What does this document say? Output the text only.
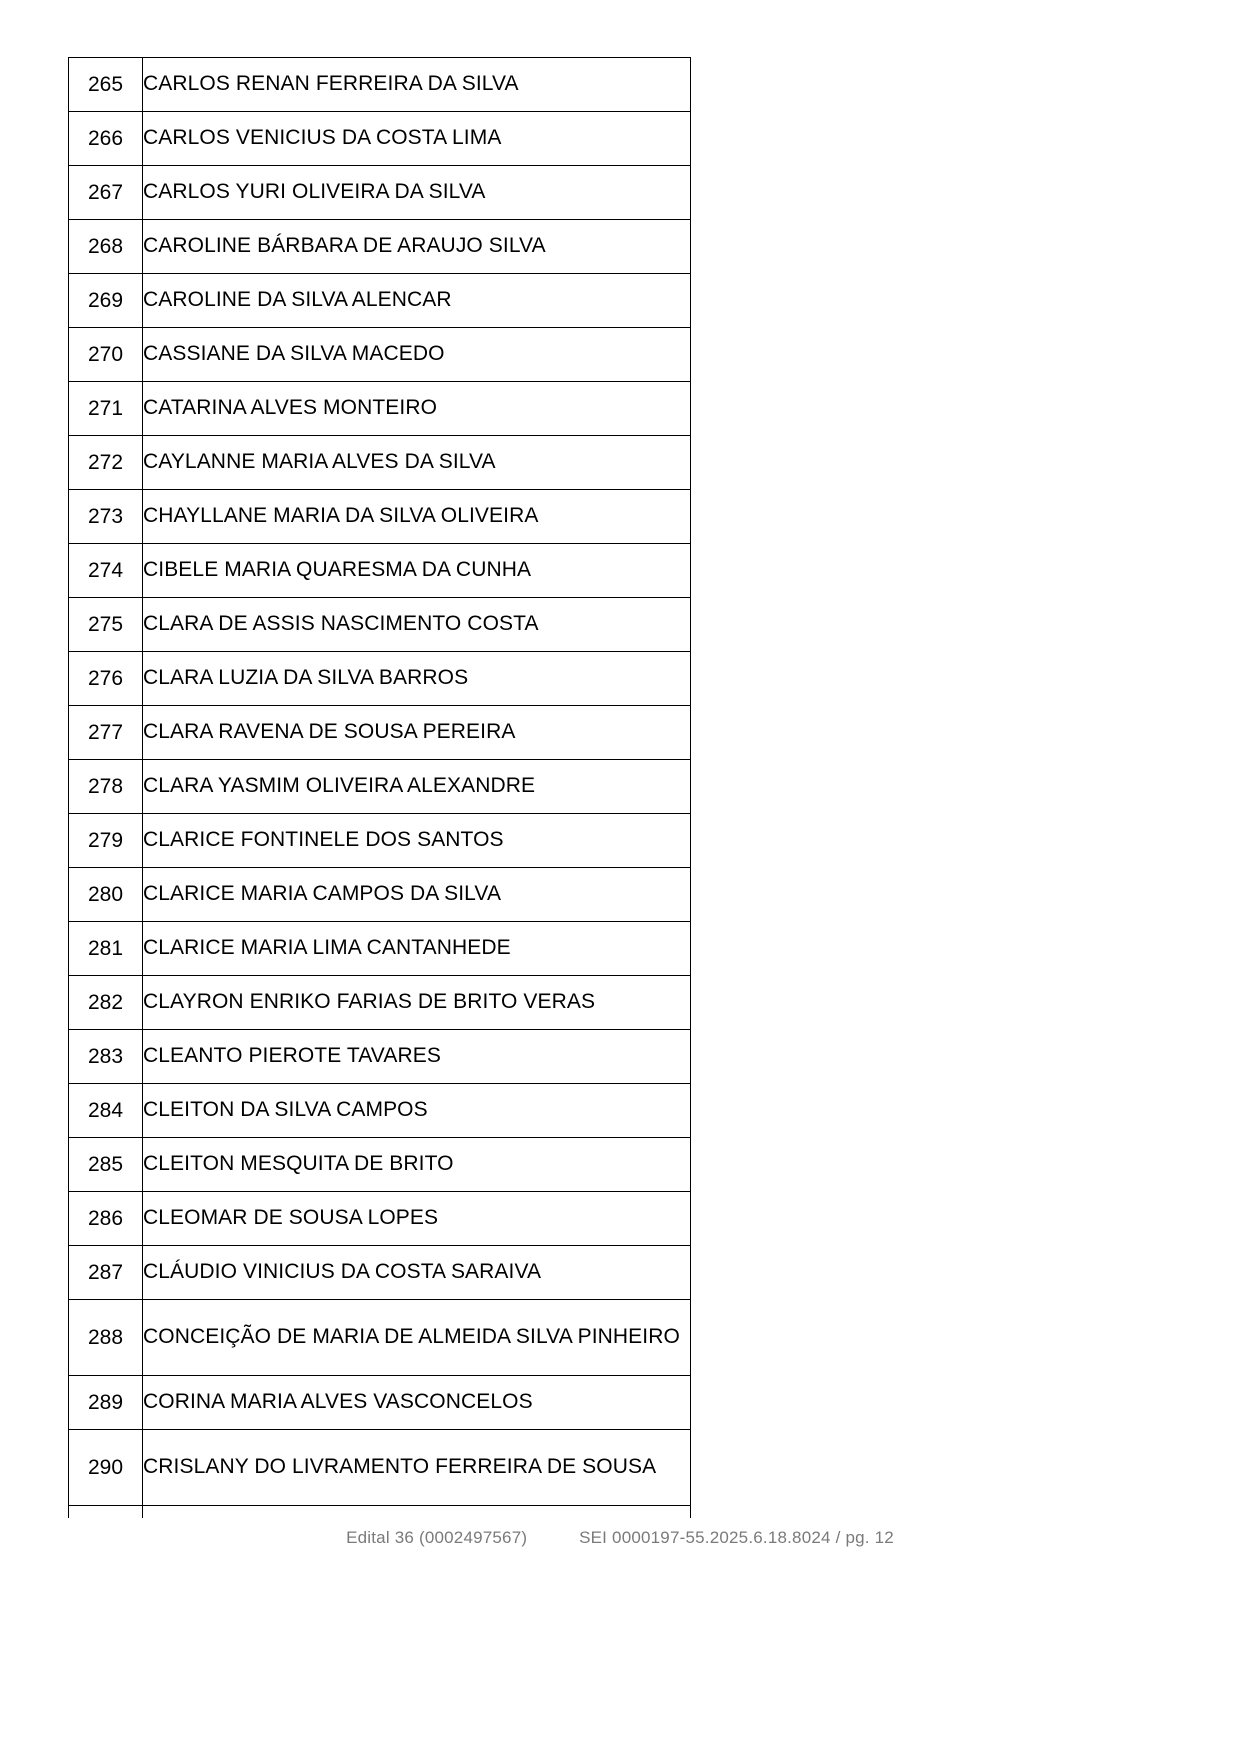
265	CARLOS RENAN FERREIRA DA SILVA
266	CARLOS VENICIUS DA COSTA LIMA
267	CARLOS YURI OLIVEIRA DA SILVA
268	CAROLINE BÁRBARA DE ARAUJO SILVA
269	CAROLINE DA SILVA ALENCAR
270	CASSIANE DA SILVA MACEDO
271	CATARINA ALVES MONTEIRO
272	CAYLANNE MARIA ALVES DA SILVA
273	CHAYLLANE MARIA DA SILVA OLIVEIRA
274	CIBELE MARIA QUARESMA DA CUNHA
275	CLARA DE ASSIS NASCIMENTO COSTA
276	CLARA LUZIA DA SILVA BARROS
277	CLARA RAVENA DE SOUSA PEREIRA
278	CLARA YASMIM OLIVEIRA ALEXANDRE
279	CLARICE FONTINELE DOS SANTOS
280	CLARICE MARIA CAMPOS DA SILVA
281	CLARICE MARIA LIMA CANTANHEDE
282	CLAYRON ENRIKO FARIAS DE BRITO VERAS
283	CLEANTO PIEROTE TAVARES
284	CLEITON DA SILVA CAMPOS
285	CLEITON MESQUITA DE BRITO
286	CLEOMAR DE SOUSA LOPES
287	CLÁUDIO VINICIUS DA COSTA SARAIVA
288	CONCEIÇÃO DE MARIA DE ALMEIDA SILVA PINHEIRO
289	CORINA MARIA ALVES VASCONCELOS
290	CRISLANY DO LIVRAMENTO FERREIRA DE SOUSA

Edital 36 (0002497567)	SEI 0000197-55.2025.6.18.8024 / pg. 12
